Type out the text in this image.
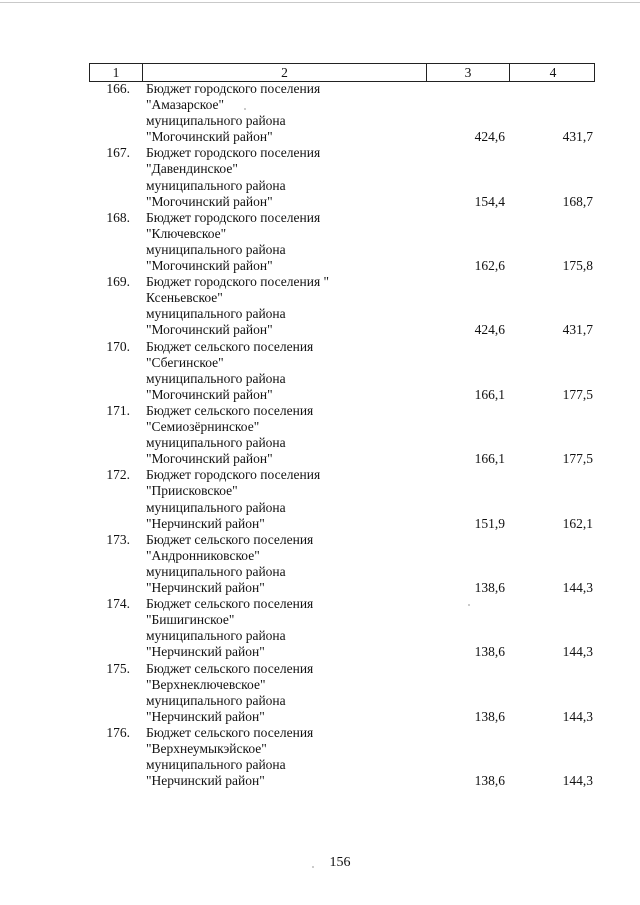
1	2	3	4
166.	Бюджет городского поселения
"Амазарское"
муниципального района
"Могочинский район"	424,6	431,7
167.	Бюджет городского поселения
"Давендинское"
муниципального района
"Могочинский район"	154,4	168,7
168.	Бюджет городского поселения
"Ключевское"
муниципального района
"Могочинский район"	162,6	175,8
169.	Бюджет городского поселения "
Ксеньевское"
муниципального района
"Могочинский район"	424,6	431,7
170.	Бюджет сельского поселения
"Сбегинское"
муниципального района
"Могочинский район"	166,1	177,5
171.	Бюджет сельского поселения
"Семиозёрнинское"
муниципального района
"Могочинский район"	166,1	177,5
172.	Бюджет городского поселения
"Приисковское"
муниципального района
"Нерчинский район"	151,9	162,1
173.	Бюджет сельского поселения
"Андронниковское"
муниципального района
"Нерчинский район"	138,6	144,3
174.	Бюджет сельского поселения
"Бишигинское"
муниципального района
"Нерчинский район"	138,6	144,3
175.	Бюджет сельского поселения
"Верхнеключевское"
муниципального района
"Нерчинский район"	138,6	144,3
176.	Бюджет сельского поселения
"Верхнеумыкэйское"
муниципального района
"Нерчинский район"	138,6	144,3
156
